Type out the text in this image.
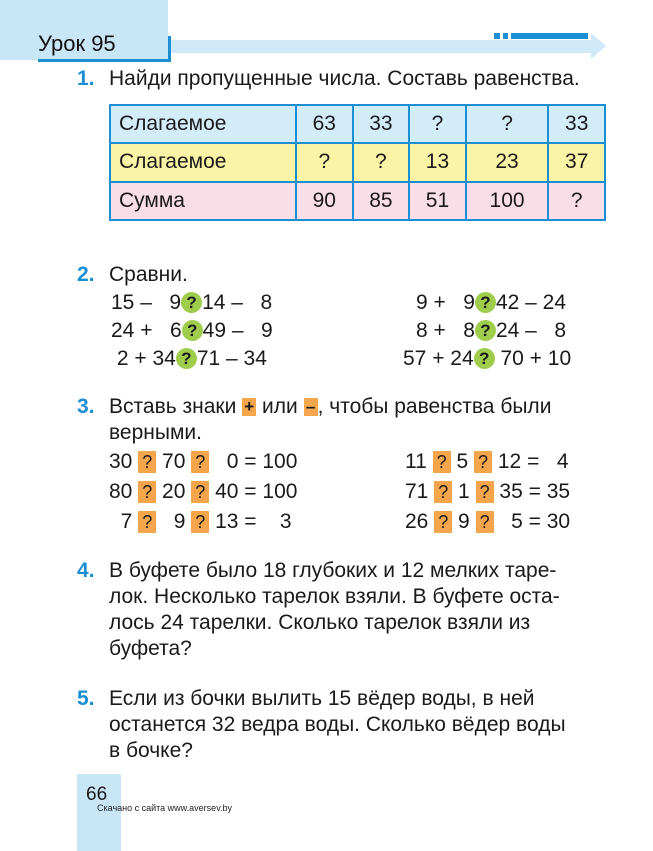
Урок 95
1. Найди пропущенные числа. Составь равенства.
Слагаемое	63	33	?	?	33
Слагаемое	?	?	13	23	37
Сумма	90	85	51	100	?
2. Сравни.
15 –   9 ? 14 –   8
24 +   6 ? 49 –   9
2 + 34 ? 71 – 34
9 +   9 ? 42 – 24
8 +   8 ? 24 –   8
57 + 24 ? 70 + 10
3. Вставь знаки + или – , чтобы равенства были
верными.
30 ? 70 ?   0 = 100
80 ? 20 ? 40 = 100
7 ?   9 ? 13 =    3
11 ? 5 ? 12 =   4
71 ? 1 ? 35 = 35
26 ? 9 ?   5 = 30
4. В буфете было 18 глубоких и 12 мелких таре-
лок. Несколько тарелок взяли. В буфете оста-
лось 24 тарелки. Сколько тарелок взяли из
буфета?
5. Если из бочки вылить 15 вёдер воды, в ней
останется 32 ведра воды. Сколько вёдер воды
в бочке?
66
Скачано с сайта www.aversev.by
